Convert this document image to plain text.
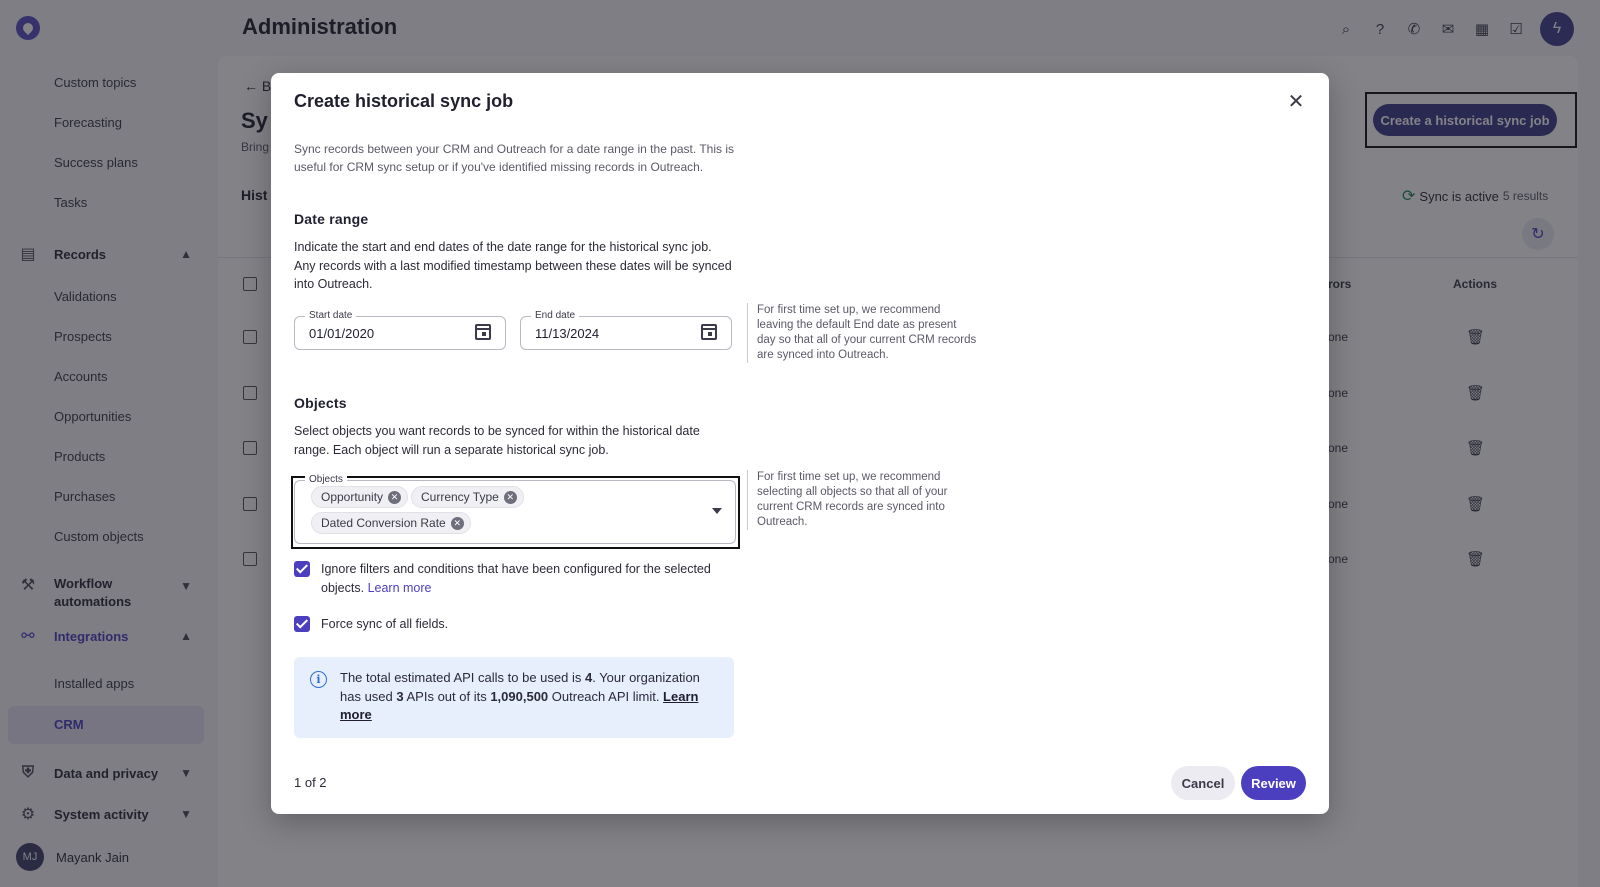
Create historical sync job	✕
Sync records between your CRM and Outreach for a date range in the past. This is useful for CRM sync setup or if you've identified missing records in Outreach.
Date range
Indicate the start and end dates of the date range for the historical sync job. Any records with a last modified timestamp between these dates will be synced into Outreach.
Start date
01/01/2020
End date
11/13/2024
For first time set up, we recommend leaving the default End date as present day so that all of your current CRM records are synced into Outreach.
Objects
Select objects you want records to be synced for within the historical date range. Each object will run a separate historical sync job.
Objects
Opportunity ✕ Currency Type ✕
Dated Conversion Rate ✕
For first time set up, we recommend selecting all objects so that all of your current CRM records are synced into Outreach.
Ignore filters and conditions that have been configured for the selected objects. Learn more
Force sync of all fields.
i	The total estimated API calls to be used is 4. Your organization has used 3 APIs out of its 1,090,500 Outreach API limit. Learn more
1 of 2	Cancel	Review
